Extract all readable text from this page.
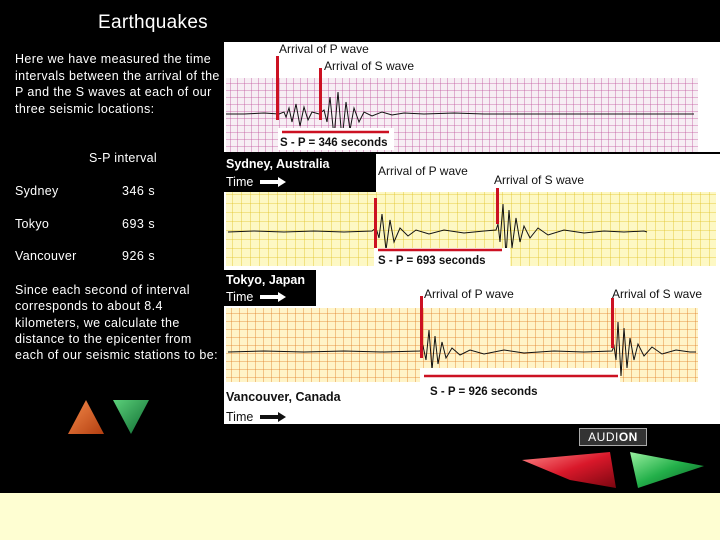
Earthquakes
Here we have measured the time intervals between the arrival of the P and the S waves at each of our three seismic locations:
S-P interval
Sydney	346 s
Tokyo	693 s
Vancouver	926 s
Since each second of interval corresponds to about 8.4 kilometers, we calculate the distance to the epicenter from each of our seismic stations to be:
S - P = 346 seconds
Arrival of P wave
Arrival of S wave
Sydney, Australia
Time
S - P = 693 seconds
Arrival of P wave
Arrival of S wave
Tokyo, Japan
Time
S - P = 926 seconds
Arrival of P wave	Arrival of S wave
Vancouver, Canada
Time
AUDION
